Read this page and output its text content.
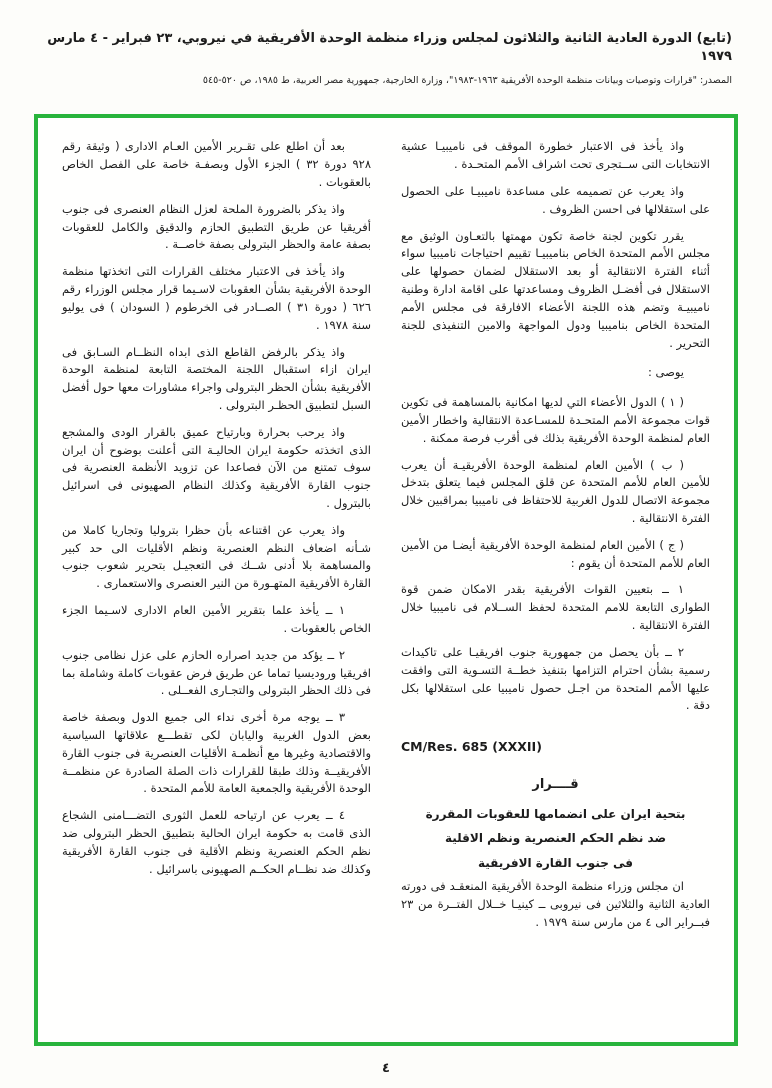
(تابع) الدورة العادية الثانية والثلاثون لمجلس وزراء منظمة الوحدة الأفريقية في نيروبي، ٢٣ فبراير - ٤ مارس ١٩٧٩
المصدر: "قرارات وتوصيات وبيانات منظمة الوحدة الأفريقية ١٩٦٣-١٩٨٣"، وزارة الخارجية، جمهورية مصر العربية، ط ١٩٨٥، ص ٥٢٠-٥٤٥

واذ يأخذ فى الاعتبار خطورة الموقف فى ناميبيـا عشية الانتخابات التى ســتجرى تحت اشراف الأمم المتحـدة .

واذ يعرب عن تصميمه على مساعدة ناميبيـا على الحصول على استقلالها فى احسن الظروف .

يقرر تكوين لجنة خاصة تكون مهمتها بالتعـاون الوثيق مع مجلس الأمم المتحدة الخاص بناميبيـا تقييم احتياجات ناميبيا سواء أثناء الفترة الانتقالية أو بعد الاستقلال لضمان حصولها على الاستقلال فى أفضـل الظروف ومساعدتها على اقامة ادارة وطنية ناميبيـة وتضم هذه اللجنة الأعضاء الافارقة فى مجلس الأمم المتحدة الخاص بناميبيا ودول المواجهة والامين التنفيذى للجنة التحرير .

يوصى :

( ١ ) الدول الأعضاء التي لديها امكانية بالمساهمة فى تكوين قوات مجموعة الأمم المتحـدة للمسـاعدة الانتقالية واخطار الأمين العام لمنظمة الوحدة الأفريقية بذلك فى أقرب فرصة ممكنة .

( ب ) الأمين العام لمنظمة الوحدة الأفريقيـة أن يعرب للأمين العام للأمم المتحدة عن قلق المجلس فيما يتعلق بتدخل مجموعة الاتصال للدول الغربية للاحتفاظ فى ناميبيا بمراقبين خلال الفترة الانتقالية .

( ج ) الأمين العام لمنظمة الوحدة الأفريقية أيضـا من الأمين العام للأمم المتحدة أن يقوم :

١ ــ بتعيين القوات الأفريقية بقدر الامكان ضمن قوة الطوارى التابعة للامم المتحدة لحفظ الســلام فى ناميبيا خلال الفترة الانتقالية .

٢ ــ بأن يحصل من جمهورية جنوب افريقيـا على تاكيدات رسمية بشأن احترام التزامها بتنفيذ خطــة التسـوية التى وافقت عليها الأمم المتحدة من اجـل حصول ناميبيا على استقلالها بكل دقة .

CM/Res. 685 (XXXII)

قــــرار

بتحية ايران على انضمامها للعقوبات المقررة

ضد نظم الحكم العنصرية ونظم الاقلية

فى جنوب القارة الافريقية

ان مجلس وزراء منظمة الوحدة الأفريقية المنعقـد فى دورته العادية الثانية والثلاثين فى نيروبى ــ كينيـا خــلال الفتــرة من ٢٣ فبــراير الى ٤ من مارس سنة ١٩٧٩ .

بعد أن اطلع على تقـرير الأمين العـام الادارى ( وثيقة رقم ٩٢٨ دورة ٣٢ ) الجزء الأول وبصفـة خاصة على الفصل الخاص بالعقوبات .

واذ يذكر بالضرورة الملحة لعزل النظام العنصرى فى جنوب أفريقيا عن طريق التطبيق الحازم والدقيق والكامل للعقوبات بصفة عامة والحظر البترولى بصفة خاصــة .

واذ يأخذ فى الاعتبار مختلف القرارات التى اتخذتها منظمة الوحدة الأفريقية بشأن العقوبات لاسـيما قرار مجلس الوزراء رقم ٦٢٦ ( دورة ٣١ ) الصــادر فى الخرطوم ( السودان ) فى يوليو سنة ١٩٧٨ .

واذ يذكر بالرفض القاطع الذى ابداه النظــام السـابق فى ايران ازاء استقبال اللجنة المختصة التابعة لمنظمة الوحدة الأفريقية بشأن الحظر البترولى واجراء مشاورات معها حول أفضل السبل لتطبيق الحظـر البترولى .

واذ يرحب بحرارة وبارتياح عميق بالقرار الودى والمشجع الذى اتخذته حكومة ايران الحاليـة التى أعلنت بوضوح أن ايران سوف تمتنع من الآن فصاعدا عن تزويد الأنظمة العنصرية فى جنوب القارة الأفريقية وكذلك النظام الصهيونى فى اسرائيل بالبترول .

واذ يعرب عن اقتناعه بأن حظرا بتروليا وتجاريا كاملا من شـأنه اضعاف النظم العنصرية ونظم الأقليات الى حد كبير والمساهمة بلا أدنى شــك فى التعجيـل بتحرير شعوب جنوب القارة الأفريقية المتهـورة من النير العنصرى والاستعمارى .

١ ــ يأخذ علما بتقرير الأمين العام الادارى لاسـيما الجزء الخاص بالعقوبات .

٢ ــ يؤكد من جديد اصراره الحازم على عزل نظامى جنوب افريقيا وروديسيا تماما عن طريق فرض عقوبات كاملة وشاملة بما فى ذلك الحظر البترولى والتجـارى الفعــلى .

٣ ــ يوجه مرة أخرى نداء الى جميع الدول وبصفة خاصة بعض الدول الغربية واليابان لكى تقطـــع علاقاتها السياسية والاقتصادية وغيرها مع أنظمـة الأقليات العنصرية فى جنوب القارة الأفريقيــة وذلك طبقا للقرارات ذات الصلة الصادرة عن منظمــة الوحدة الأفريقية والجمعية العامة للأمم المتحدة .

٤ ــ يعرب عن ارتياحه للعمل الثورى التضـــامنى الشجاع الذى قامت به حكومة ايران الحالية بتطبيق الحظر البترولى ضد نظم الحكم العنصرية ونظم الأقلية فى جنوب القارة الأفريقية وكذلك ضد نظــام الحكــم الصهيونى باسرائيل .

٤
